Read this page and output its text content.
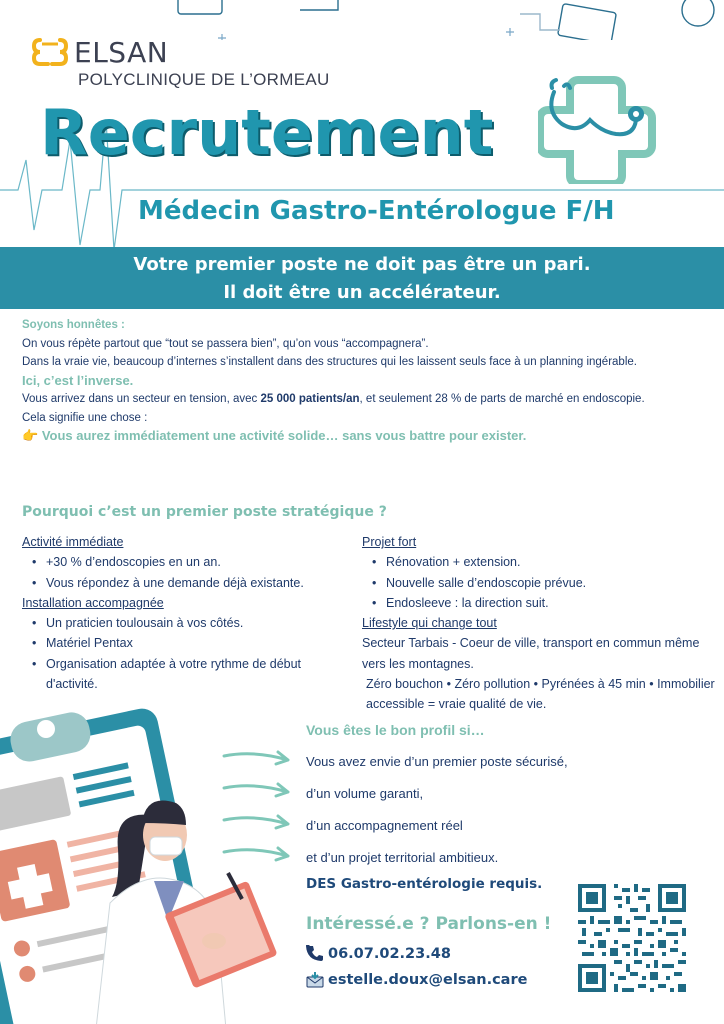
ELSAN
POLYCLINIQUE DE L’ORMEAU
Recrutement
Médecin Gastro-Entérologue F/H
Votre premier poste ne doit pas être un pari.
Il doit être un accélérateur.
Soyons honnêtes :
On vous répète partout que “tout se passera bien”, qu’on vous “accompagnera”.
Dans la vraie vie, beaucoup d’internes s’installent dans des structures qui les laissent seuls face à un planning ingérable.
Ici, c’est l’inverse.
Vous arrivez dans un secteur en tension, avec 25 000 patients/an, et seulement 28 % de parts de marché en endoscopie.
Cela signifie une chose :
👉 Vous aurez immédiatement une activité solide… sans vous battre pour exister.
Pourquoi c’est un premier poste stratégique ?
Activité immédiate
• +30 % d’endoscopies en un an.
• Vous répondez à une demande déjà existante.
Installation accompagnée
• Un praticien toulousain à vos côtés.
• Matériel Pentax
• Organisation adaptée à votre rythme de début d'activité.
Projet fort
• Rénovation + extension.
• Nouvelle salle d’endoscopie prévue.
• Endosleeve : la direction suit.
Lifestyle qui change tout
Secteur Tarbais - Coeur de ville, transport en commun même vers les montagnes.
Zéro bouchon • Zéro pollution • Pyrénées à 45 min • Immobilier accessible = vraie qualité de vie.
Vous êtes le bon profil si…
Vous avez envie d’un premier poste sécurisé,
d’un volume garanti,
d’un accompagnement réel
et d’un projet territorial ambitieux.
DES Gastro-entérologie requis.
Intéressé.e ? Parlons-en !
06.07.02.23.48
estelle.doux@elsan.care
